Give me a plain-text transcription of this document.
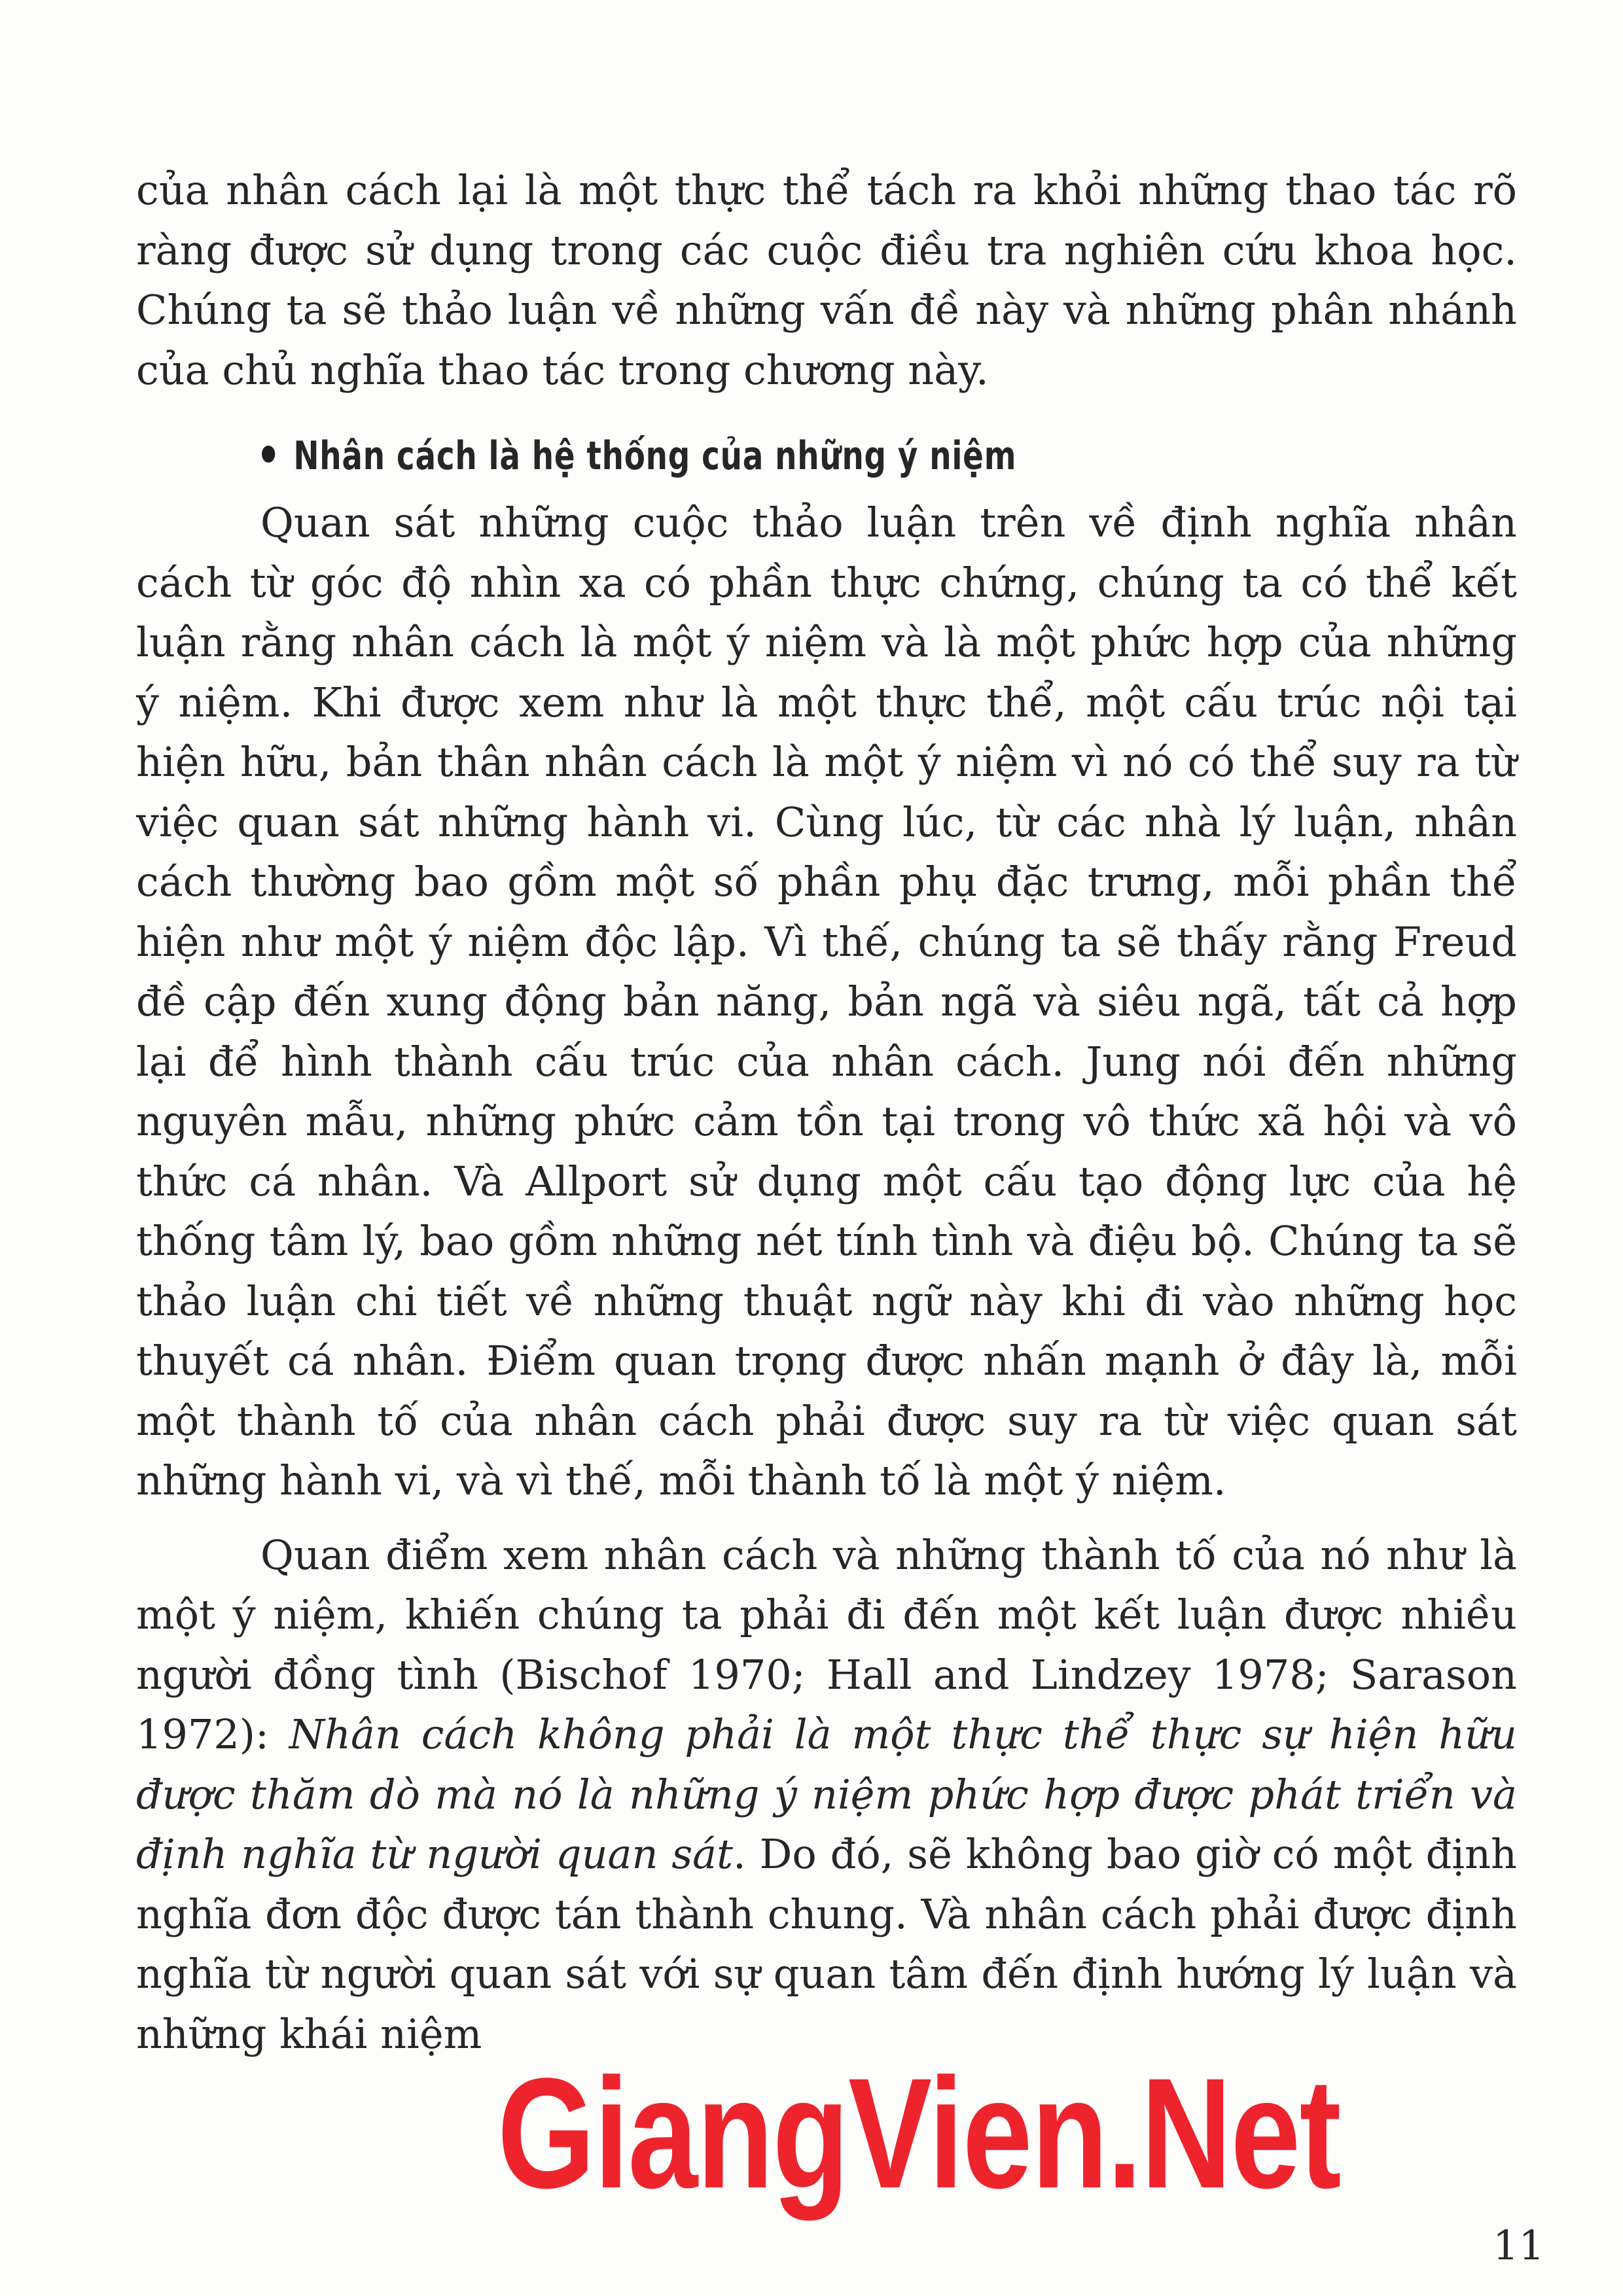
của nhân cách lại là một thực thể tách ra khỏi những thao tác rõ ràng được sử dụng trong các cuộc điều tra nghiên cứu khoa học. Chúng ta sẽ thảo luận về những vấn đề này và những phân nhánh của chủ nghĩa thao tác trong chương này.

Nhân cách là hệ thống của những ý niệm

Quan sát những cuộc thảo luận trên về định nghĩa nhân cách từ góc độ nhìn xa có phần thực chứng, chúng ta có thể kết luận rằng nhân cách là một ý niệm và là một phức hợp của những ý niệm. Khi được xem như là một thực thể, một cấu trúc nội tại hiện hữu, bản thân nhân cách là một ý niệm vì nó có thể suy ra từ việc quan sát những hành vi. Cùng lúc, từ các nhà lý luận, nhân cách thường bao gồm một số phần phụ đặc trưng, mỗi phần thể hiện như một ý niệm độc lập. Vì thế, chúng ta sẽ thấy rằng Freud đề cập đến xung động bản năng, bản ngã và siêu ngã, tất cả hợp lại để hình thành cấu trúc của nhân cách. Jung nói đến những nguyên mẫu, những phức cảm tồn tại trong vô thức xã hội và vô thức cá nhân. Và Allport sử dụng một cấu tạo động lực của hệ thống tâm lý, bao gồm những nét tính tình và điệu bộ. Chúng ta sẽ thảo luận chi tiết về những thuật ngữ này khi đi vào những học thuyết cá nhân. Điểm quan trọng được nhấn mạnh ở đây là, mỗi một thành tố của nhân cách phải được suy ra từ việc quan sát những hành vi, và vì thế, mỗi thành tố là một ý niệm.

Quan điểm xem nhân cách và những thành tố của nó như là một ý niệm, khiến chúng ta phải đi đến một kết luận được nhiều người đồng tình (Bischof 1970; Hall and Lindzey 1978; Sarason 1972): Nhân cách không phải là một thực thể thực sự hiện hữu được thăm dò mà nó là những ý niệm phức hợp được phát triển và định nghĩa từ người quan sát. Do đó, sẽ không bao giờ có một định nghĩa đơn độc được tán thành chung. Và nhân cách phải được định nghĩa từ người quan sát với sự quan tâm đến định hướng lý luận và những khái niệm

GiangVien.Net
11
